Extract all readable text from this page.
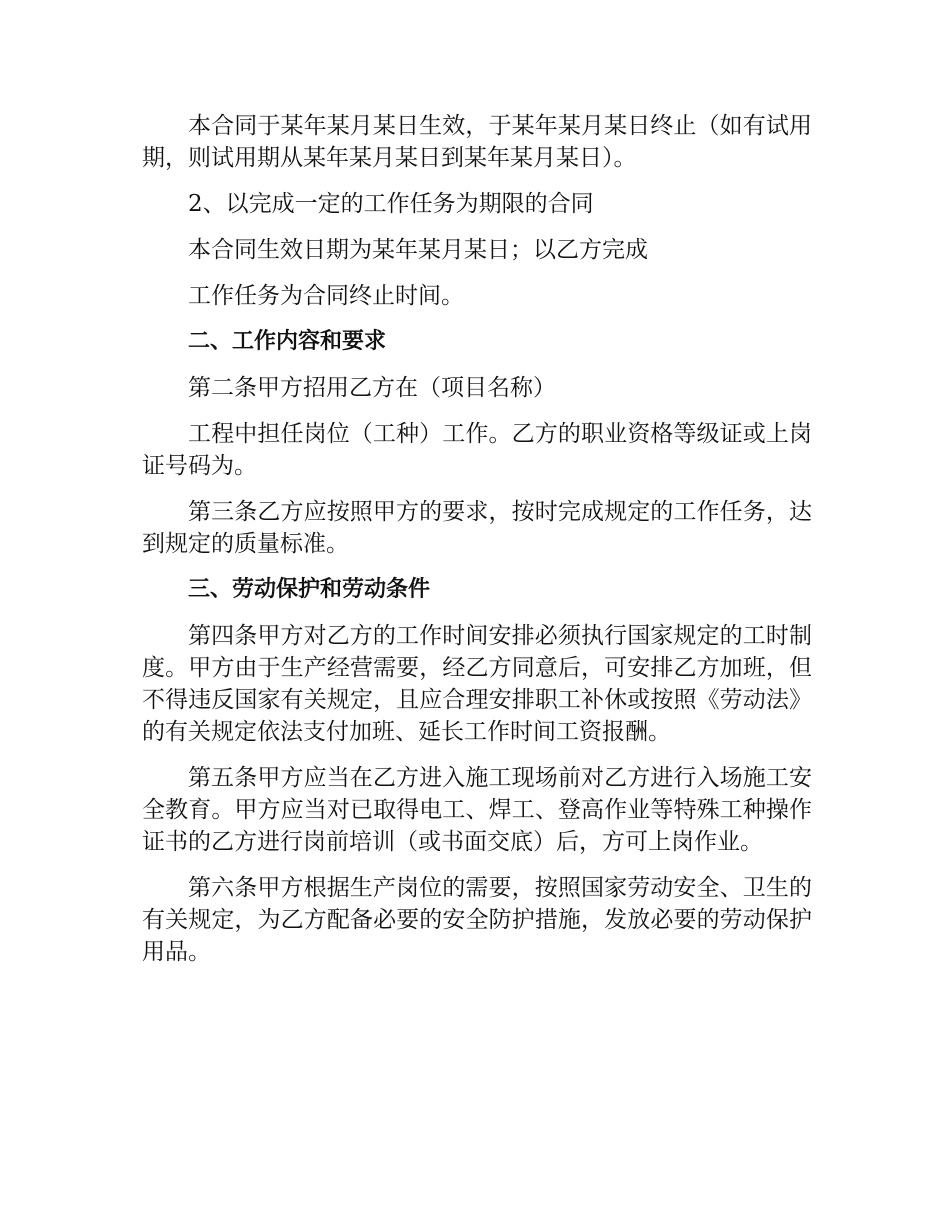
本合同于某年某月某日生效，于某年某月某日终止（如有试用期，则试用期从某年某月某日到某年某月某日）。

2、以完成一定的工作任务为期限的合同

本合同生效日期为某年某月某日；以乙方完成

工作任务为合同终止时间。

二、工作内容和要求

第二条甲方招用乙方在（项目名称）

工程中担任岗位（工种）工作。乙方的职业资格等级证或上岗证号码为。

第三条乙方应按照甲方的要求，按时完成规定的工作任务，达到规定的质量标准。

三、劳动保护和劳动条件

第四条甲方对乙方的工作时间安排必须执行国家规定的工时制度。甲方由于生产经营需要，经乙方同意后，可安排乙方加班，但不得违反国家有关规定，且应合理安排职工补休或按照《劳动法》的有关规定依法支付加班、延长工作时间工资报酬。

第五条甲方应当在乙方进入施工现场前对乙方进行入场施工安全教育。甲方应当对已取得电工、焊工、登高作业等特殊工种操作证书的乙方进行岗前培训（或书面交底）后，方可上岗作业。

第六条甲方根据生产岗位的需要，按照国家劳动安全、卫生的有关规定，为乙方配备必要的安全防护措施，发放必要的劳动保护用品。
